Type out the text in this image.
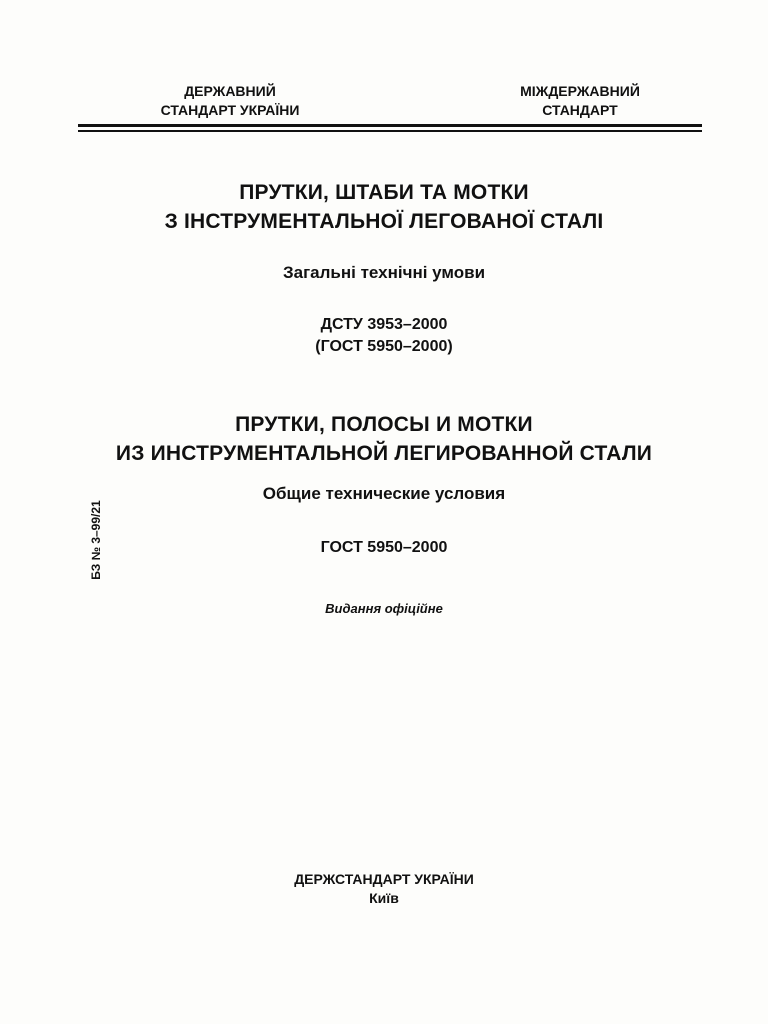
ДЕРЖАВНИЙ
СТАНДАРТ УКРАЇНИ
МІЖДЕРЖАВНИЙ
СТАНДАРТ
ПРУТКИ, ШТАБИ ТА МОТКИ
З ІНСТРУМЕНТАЛЬНОЇ ЛЕГОВАНОЇ СТАЛІ
Загальні технічні умови
ДСТУ 3953–2000
(ГОСТ 5950–2000)
ПРУТКИ, ПОЛОСЫ И МОТКИ
ИЗ ИНСТРУМЕНТАЛЬНОЙ ЛЕГИРОВАННОЙ СТАЛИ
Общие технические условия
ГОСТ 5950–2000
Видання офіційне
БЗ № 3–99/21
ДЕРЖСТАНДАРТ УКРАЇНИ
Київ
